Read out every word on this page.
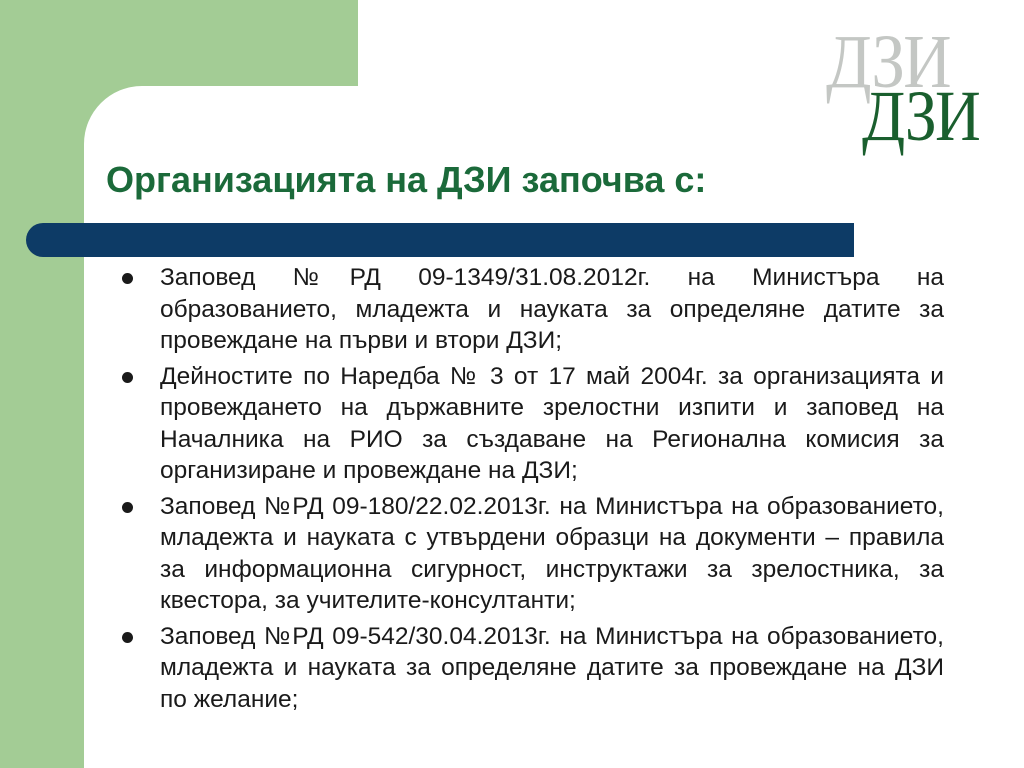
ДЗИ
ДЗИ
Организацията на ДЗИ започва с:
Заповед №РД 09-1349/31.08.2012г. на Министъра на образованието, младежта и науката за определяне датите за провеждане на първи и втори ДЗИ;
Дейностите по Наредба № 3 от 17 май 2004г. за организацията и провеждането на държавните зрелостни изпити и заповед на Началника на РИО за създаване на Регионална комисия за организиране и провеждане на ДЗИ;
Заповед №РД 09-180/22.02.2013г. на Министъра на образованието, младежта и науката с утвърдени образци на документи – правила за информационна сигурност, инструктажи за зрелостника, за квестора, за учителите-консултанти;
Заповед №РД 09-542/30.04.2013г. на Министъра на образованието, младежта и науката за определяне датите за провеждане на ДЗИ по желание;
